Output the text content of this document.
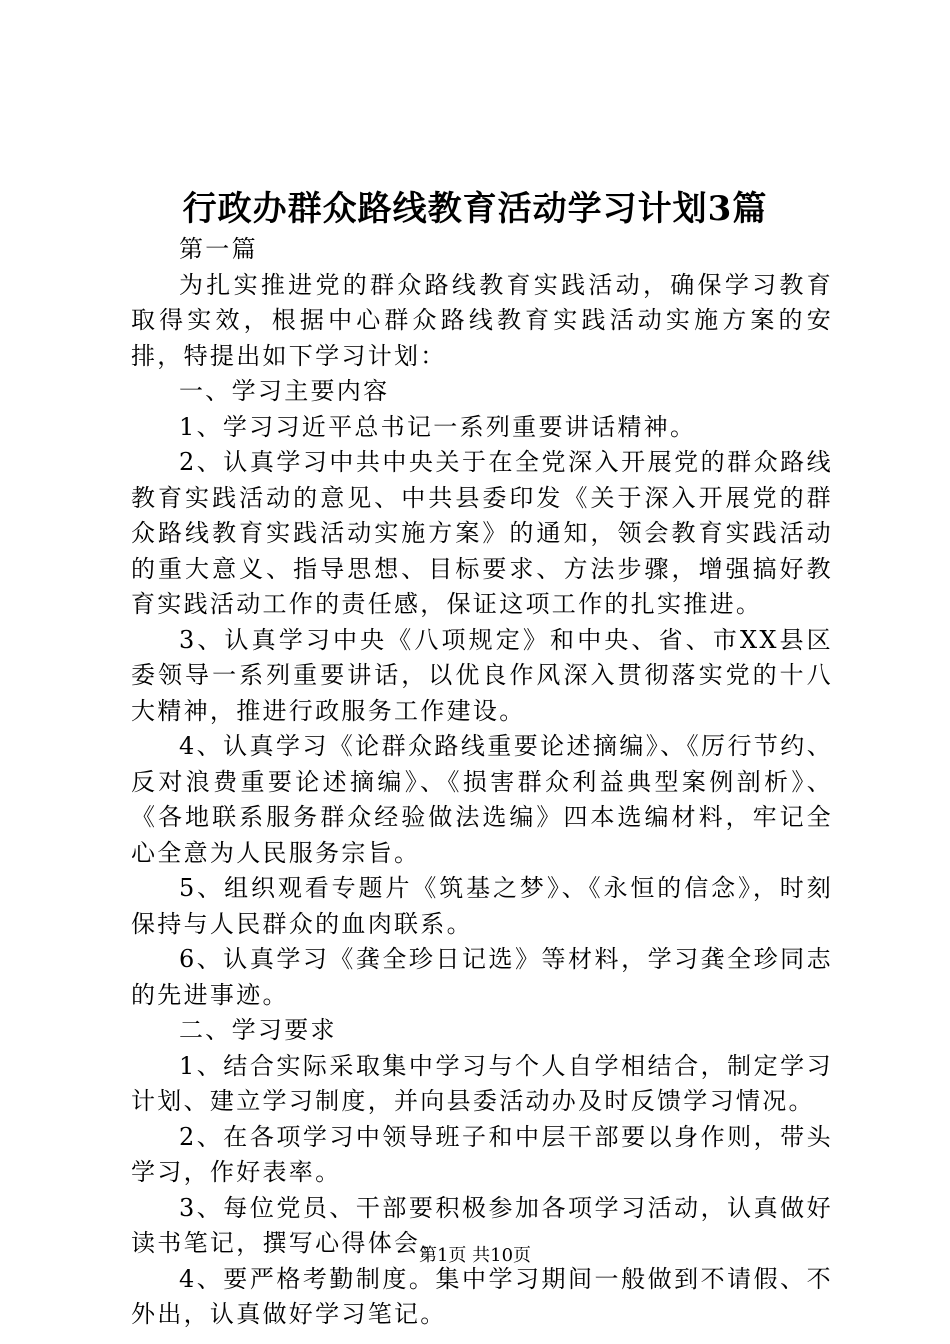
行政办群众路线教育活动学习计划3篇

第一篇

为扎实推进党的群众路线教育实践活动，确保学习教育取得实效，根据中心群众路线教育实践活动实施方案的安排，特提出如下学习计划：

一、学习主要内容

1、学习习近平总书记一系列重要讲话精神。

2、认真学习中共中央关于在全党深入开展党的群众路线教育实践活动的意见、中共县委印发《关于深入开展党的群众路线教育实践活动实施方案》的通知，领会教育实践活动的重大意义、指导思想、目标要求、方法步骤，增强搞好教育实践活动工作的责任感，保证这项工作的扎实推进。

3、认真学习中央《八项规定》和中央、省、市XX县区委领导一系列重要讲话，以优良作风深入贯彻落实党的十八大精神，推进行政服务工作建设。

4、认真学习《论群众路线重要论述摘编》、《厉行节约、反对浪费重要论述摘编》、《损害群众利益典型案例剖析》、《各地联系服务群众经验做法选编》四本选编材料，牢记全心全意为人民服务宗旨。

5、组织观看专题片《筑基之梦》、《永恒的信念》，时刻保持与人民群众的血肉联系。

6、认真学习《龚全珍日记选》等材料，学习龚全珍同志的先进事迹。

二、学习要求

1、结合实际采取集中学习与个人自学相结合，制定学习计划、建立学习制度，并向县委活动办及时反馈学习情况。

2、在各项学习中领导班子和中层干部要以身作则，带头学习，作好表率。

3、每位党员、干部要积极参加各项学习活动，认真做好读书笔记，撰写心得体会。

4、要严格考勤制度。集中学习期间一般做到不请假、不外出，认真做好学习笔记。

第1页 共10页
